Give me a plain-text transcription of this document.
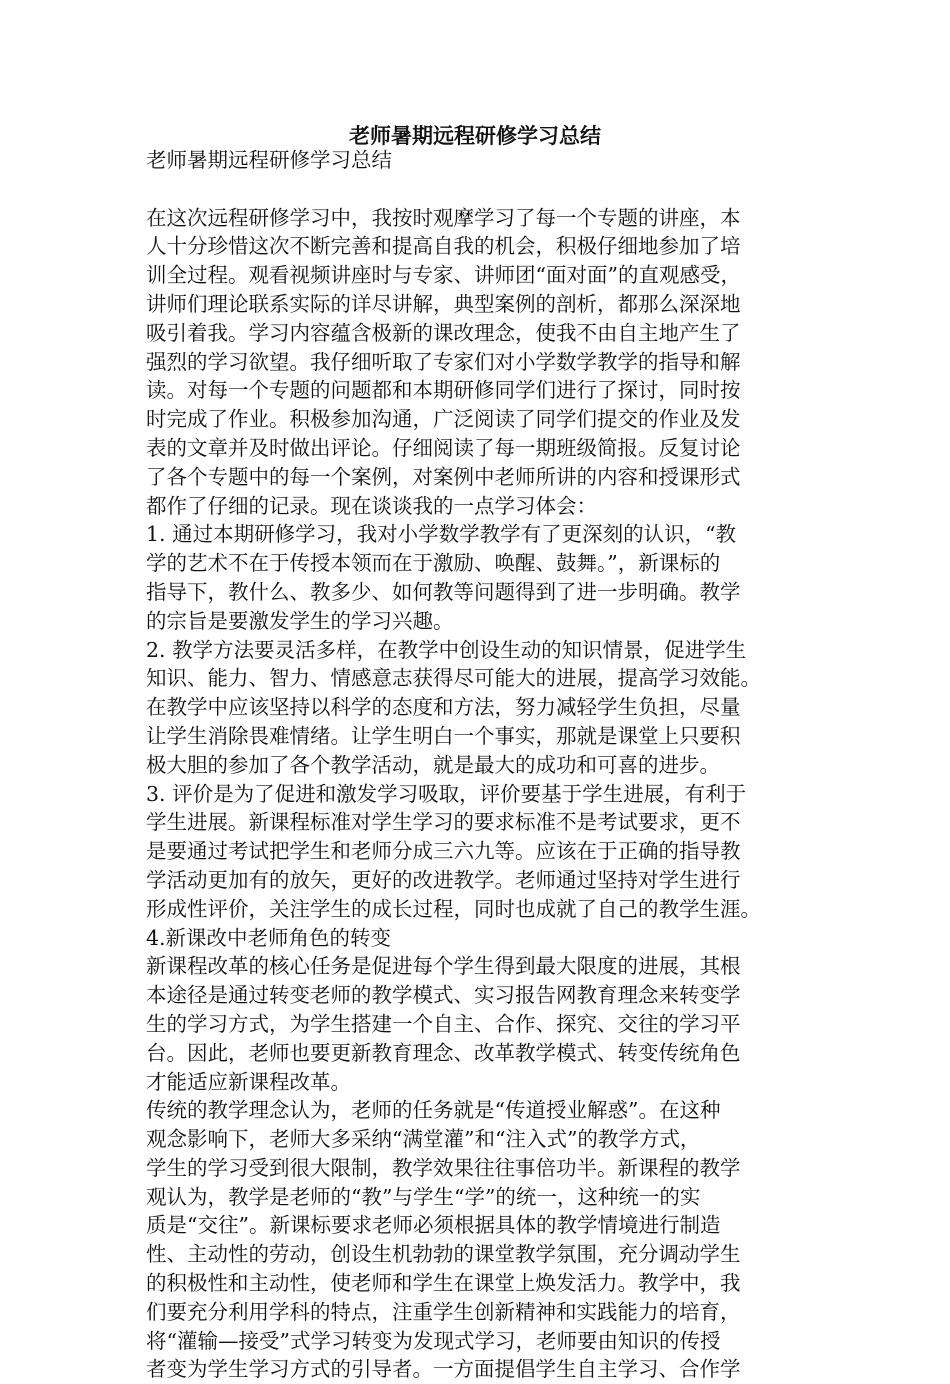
老师暑期远程研修学习总结
老师暑期远程研修学习总结
在这次远程研修学习中，我按时观摩学习了每一个专题的讲座，本
人十分珍惜这次不断完善和提高自我的机会，积极仔细地参加了培
训全过程。观看视频讲座时与专家、讲师团“面对面”的直观感受，
讲师们理论联系实际的详尽讲解，典型案例的剖析，都那么深深地
吸引着我。学习内容蕴含极新的课改理念，使我不由自主地产生了
强烈的学习欲望。我仔细听取了专家们对小学数学教学的指导和解
读。对每一个专题的问题都和本期研修同学们进行了探讨，同时按
时完成了作业。积极参加沟通，广泛阅读了同学们提交的作业及发
表的文章并及时做出评论。仔细阅读了每一期班级简报。反复讨论
了各个专题中的每一个案例，对案例中老师所讲的内容和授课形式
都作了仔细的记录。现在谈谈我的一点学习体会：
1. 通过本期研修学习，我对小学数学教学有了更深刻的认识，“教
学的艺术不在于传授本领而在于激励、唤醒、鼓舞。”，新课标的
指导下，教什么、教多少、如何教等问题得到了进一步明确。教学
的宗旨是要激发学生的学习兴趣。
2. 教学方法要灵活多样，在教学中创设生动的知识情景，促进学生
知识、能力、智力、情感意志获得尽可能大的进展，提高学习效能。
在教学中应该坚持以科学的态度和方法，努力减轻学生负担，尽量
让学生消除畏难情绪。让学生明白一个事实，那就是课堂上只要积
极大胆的参加了各个教学活动，就是最大的成功和可喜的进步。
3. 评价是为了促进和激发学习吸取，评价要基于学生进展，有利于
学生进展。新课程标准对学生学习的要求标准不是考试要求，更不
是要通过考试把学生和老师分成三六九等。应该在于正确的指导教
学活动更加有的放矢，更好的改进教学。老师通过坚持对学生进行
形成性评价，关注学生的成长过程，同时也成就了自己的教学生涯。
4.新课改中老师角色的转变
新课程改革的核心任务是促进每个学生得到最大限度的进展，其根
本途径是通过转变老师的教学模式、实习报告网教育理念来转变学
生的学习方式，为学生搭建一个自主、合作、探究、交往的学习平
台。因此，老师也要更新教育理念、改革教学模式、转变传统角色
才能适应新课程改革。
传统的教学理念认为，老师的任务就是“传道授业解惑”。在这种
观念影响下，老师大多采纳“满堂灌”和“注入式”的教学方式，
学生的学习受到很大限制，教学效果往往事倍功半。新课程的教学
观认为，教学是老师的“教”与学生“学”的统一，这种统一的实
质是“交往”。新课标要求老师必须根据具体的教学情境进行制造
性、主动性的劳动，创设生机勃勃的课堂教学氛围，充分调动学生
的积极性和主动性，使老师和学生在课堂上焕发活力。教学中，我
们要充分利用学科的特点，注重学生创新精神和实践能力的培育，
将“灌输—接受”式学习转变为发现式学习，老师要由知识的传授
者变为学生学习方式的引导者。一方面提倡学生自主学习、合作学
